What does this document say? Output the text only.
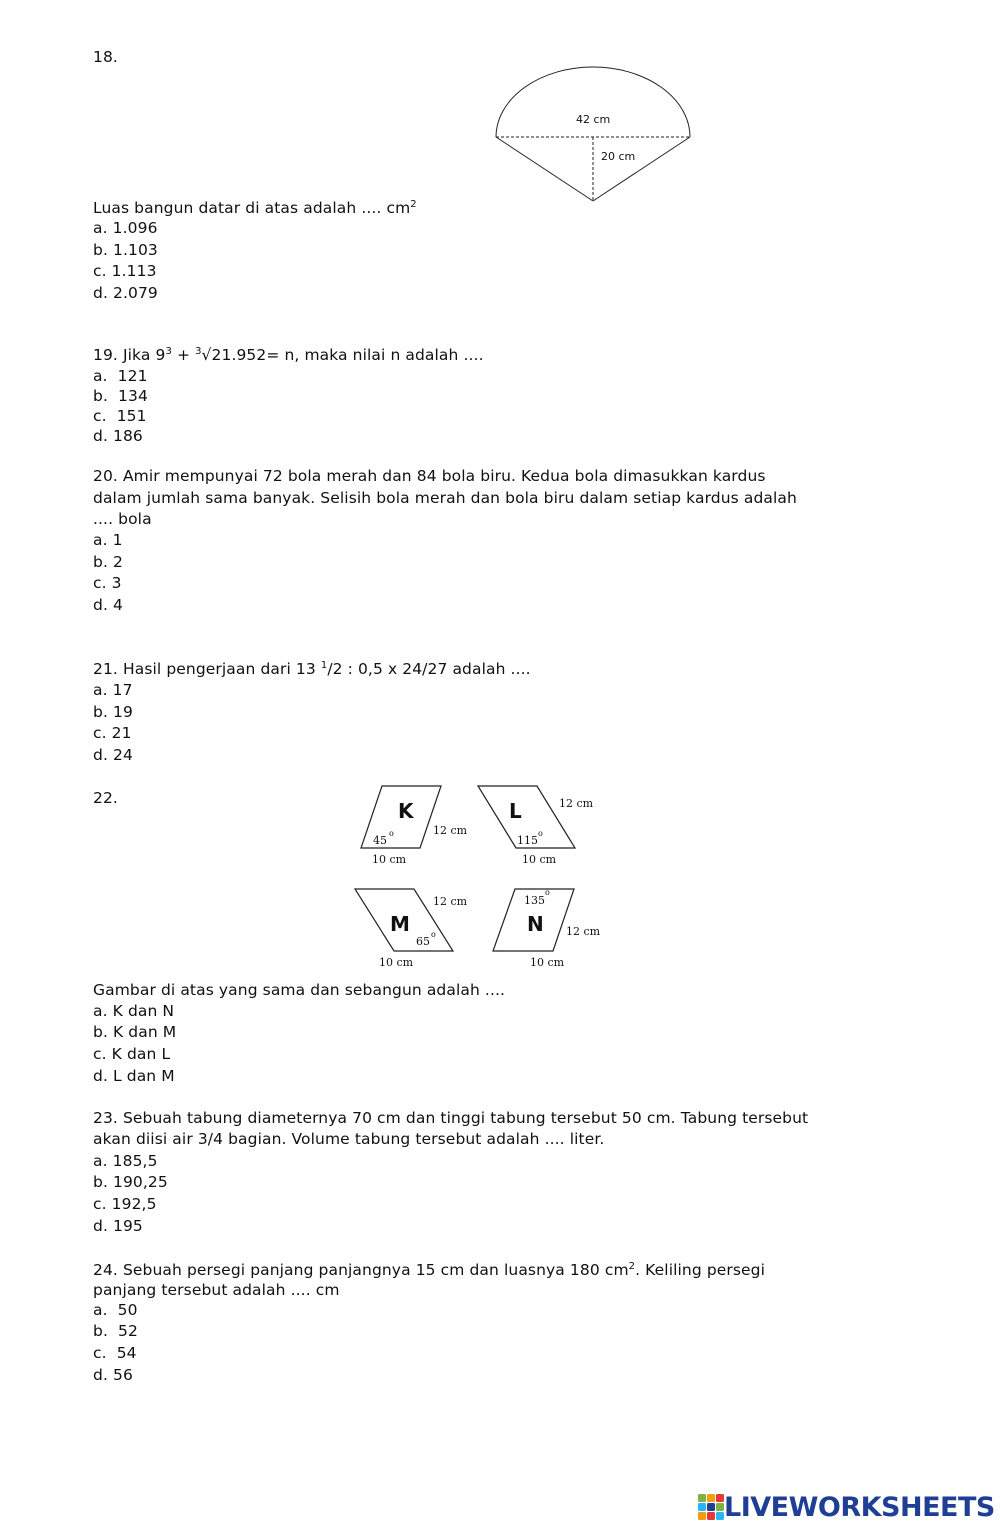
18.
42 cm
20 cm
Luas bangun datar di atas adalah .... $cm^2$
a. 1.096
b. 1.103
c. 1.113
d. 2.079
19. Jika $9^3 + ^3√21.952= n$, maka nilai n adalah ....
a.  121
b.  134
c.  151
d. 186
20. Amir mempunyai 72 bola merah dan 84 bola biru. Kedua bola dimasukkan kardus
dalam jumlah sama banyak. Selisih bola merah dan bola biru dalam setiap kardus adalah
.... bola
a. 1
b. 2
c. 3
d. 4
21. Hasil pengerjaan dari 13 $^1$/2 : 0,5 x 24/27 adalah ....
a. 17
b. 19
c. 21
d. 24
22.
K
45
o	12 cm
10 cm
L
115
o
12 cm
10 cm
M
65
o
12 cm
10 cm
N
135
o
12 cm
10 cm
Gambar di atas yang sama dan sebangun adalah ....
a. K dan N
b. K dan M
c. K dan L
d. L dan M
23. Sebuah tabung diameternya 70 cm dan tinggi tabung tersebut 50 cm. Tabung tersebut
akan diisi air 3/4 bagian. Volume tabung tersebut adalah .... liter.
a. 185,5
b. 190,25
c. 192,5
d. 195
24. Sebuah persegi panjang panjangnya 15 cm dan luasnya 180 $cm^2$. Keliling persegi
panjang tersebut adalah .... cm
a.  50
b.  52
c.  54
d. 56
LIVEWORKSHEETS
